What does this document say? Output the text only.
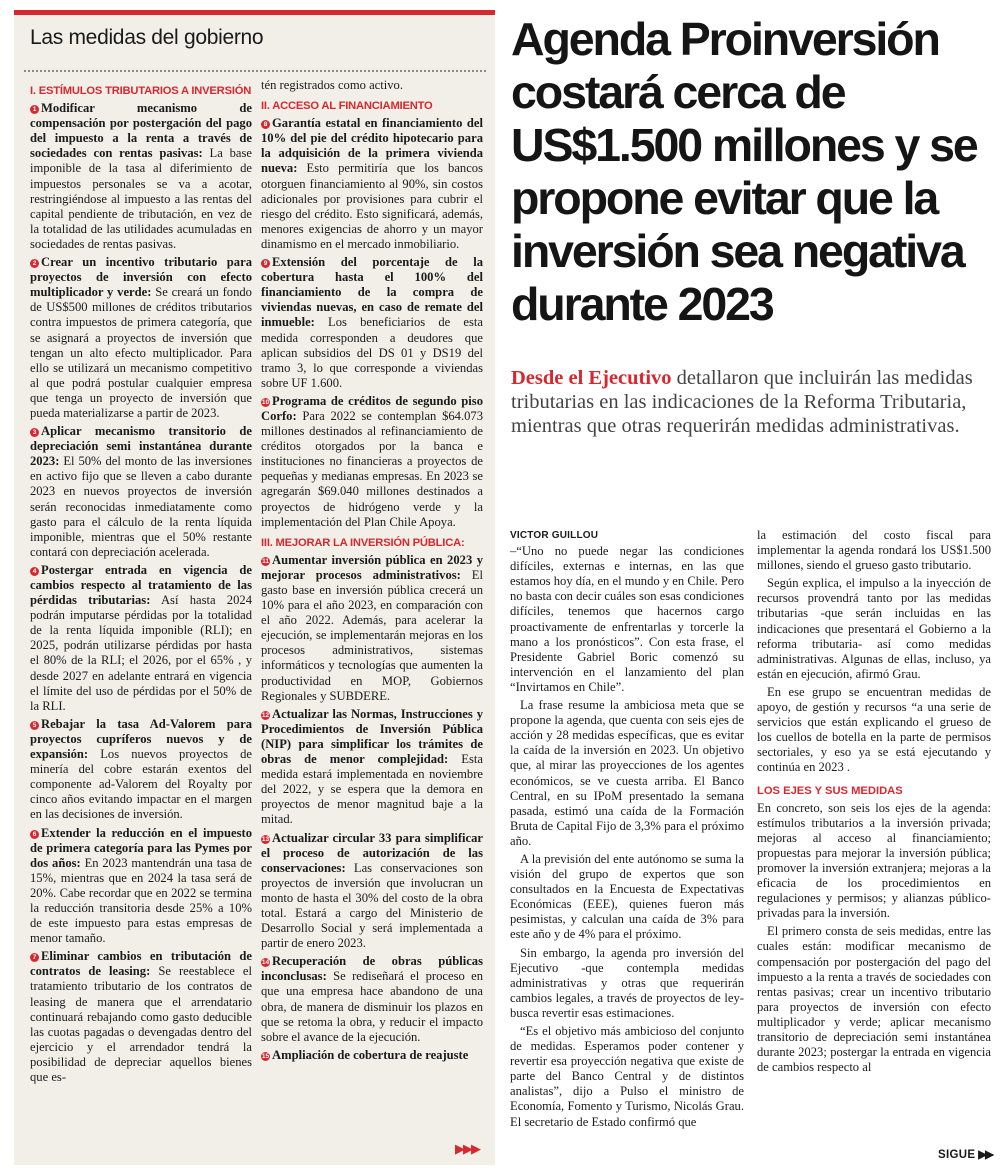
Las medidas del gobierno
I. ESTÍMULOS TRIBUTARIOS A INVERSIÓN
1 Modificar mecanismo de compensación por postergación del pago del impuesto a la renta a través de sociedades con rentas pasivas: La base imponible de la tasa al diferimiento de impuestos personales se va a acotar, restringiéndose al impuesto a las rentas del capital pendiente de tributación, en vez de la totalidad de las utilidades acumuladas en sociedades de rentas pasivas.
2 Crear un incentivo tributario para proyectos de inversión con efecto multiplicador y verde: Se creará un fondo de US$500 millones de créditos tributarios contra impuestos de primera categoría, que se asignará a proyectos de inversión que tengan un alto efecto multiplicador. Para ello se utilizará un mecanismo competitivo al que podrá postular cualquier empresa que tenga un proyecto de inversión que pueda materializarse a partir de 2023.
3 Aplicar mecanismo transitorio de depreciación semi instantánea durante 2023: El 50% del monto de las inversiones en activo fijo que se lleven a cabo durante 2023 en nuevos proyectos de inversión serán reconocidas inmediatamente como gasto para el cálculo de la renta líquida imponible, mientras que el 50% restante contará con depreciación acelerada.
4 Postergar entrada en vigencia de cambios respecto al tratamiento de las pérdidas tributarias: Así hasta 2024 podrán imputarse pérdidas por la totalidad de la renta líquida imponible (RLI); en 2025, podrán utilizarse pérdidas por hasta el 80% de la RLI; el 2026, por el 65% , y desde 2027 en adelante entrará en vigencia el límite del uso de pérdidas por el 50% de la RLI.
5 Rebajar la tasa Ad-Valorem para proyectos cupríferos nuevos y de expansión: Los nuevos proyectos de minería del cobre estarán exentos del componente ad-Valorem del Royalty por cinco años evitando impactar en el margen en las decisiones de inversión.
6 Extender la reducción en el impuesto de primera categoría para las Pymes por dos años: En 2023 mantendrán una tasa de 15%, mientras que en 2024 la tasa será de 20%. Cabe recordar que en 2022 se termina la reducción transitoria desde 25% a 10% de este impuesto para estas empresas de menor tamaño.
7 Eliminar cambios en tributación de contratos de leasing: Se reestablece el tratamiento tributario de los contratos de leasing de manera que el arrendatario continuará rebajando como gasto deducible las cuotas pagadas o devengadas dentro del ejercicio y el arrendador tendrá la posibilidad de depreciar aquellos bienes que es-
tén registrados como activo.
II. ACCESO AL FINANCIAMIENTO
8 Garantía estatal en financiamiento del 10% del pie del crédito hipotecario para la adquisición de la primera vivienda nueva: Esto permitiría que los bancos otorguen financiamiento al 90%, sin costos adicionales por provisiones para cubrir el riesgo del crédito. Esto significará, además, menores exigencias de ahorro y un mayor dinamismo en el mercado inmobiliario.
9 Extensión del porcentaje de la cobertura hasta el 100% del financiamiento de la compra de viviendas nuevas, en caso de remate del inmueble: Los beneficiarios de esta medida corresponden a deudores que aplican subsidios del DS 01 y DS19 del tramo 3, lo que corresponde a viviendas sobre UF 1.600.
10 Programa de créditos de segundo piso Corfo: Para 2022 se contemplan $64.073 millones destinados al refinanciamiento de créditos otorgados por la banca e instituciones no financieras a proyectos de pequeñas y medianas empresas. En 2023 se agregarán $69.040 millones destinados a proyectos de hidrógeno verde y la implementación del Plan Chile Apoya.
III. MEJORAR LA INVERSIÓN PÚBLICA:
11 Aumentar inversión pública en 2023 y mejorar procesos administrativos: El gasto base en inversión pública crecerá un 10% para el año 2023, en comparación con el año 2022. Además, para acelerar la ejecución, se implementarán mejoras en los procesos administrativos, sistemas informáticos y tecnologías que aumenten la productividad en MOP, Gobiernos Regionales y SUBDERE.
12 Actualizar las Normas, Instrucciones y Procedimientos de Inversión Pública (NIP) para simplificar los trámites de obras de menor complejidad: Esta medida estará implementada en noviembre del 2022, y se espera que la demora en proyectos de menor magnitud baje a la mitad.
13 Actualizar circular 33 para simplificar el proceso de autorización de las conservaciones: Las conservaciones son proyectos de inversión que involucran un monto de hasta el 30% del costo de la obra total. Estará a cargo del Ministerio de Desarrollo Social y será implementada a partir de enero 2023.
14 Recuperación de obras públicas inconclusas: Se rediseñará el proceso en que una empresa hace abandono de una obra, de manera de disminuir los plazos en que se retoma la obra, y reducir el impacto sobre el avance de la ejecución.
15 Ampliación de cobertura de reajuste
▶▶▶
Agenda Proinversión costará cerca de US$1.500 millones y se propone evitar que la inversión sea negativa durante 2023
Desde el Ejecutivo detallaron que incluirán las medidas tributarias en las indicaciones de la Reforma Tributaria, mientras que otras requerirán medidas administrativas.
VICTOR GUILLOU

–“Uno no puede negar las condiciones difíciles, externas e internas, en las que estamos hoy día, en el mundo y en Chile. Pero no basta con decir cuáles son esas condiciones difíciles, tenemos que hacernos cargo proactivamente de enfrentarlas y torcerle la mano a los pronósticos”. Con esta frase, el Presidente Gabriel Boric comenzó su intervención en el lanzamiento del plan “Invirtamos en Chile”.

La frase resume la ambiciosa meta que se propone la agenda, que cuenta con seis ejes de acción y 28 medidas específicas, que es evitar la caída de la inversión en 2023. Un objetivo que, al mirar las proyecciones de los agentes económicos, se ve cuesta arriba. El Banco Central, en su IPoM presentado la semana pasada, estimó una caída de la Formación Bruta de Capital Fijo de 3,3% para el próximo año.

A la previsión del ente autónomo se suma la visión del grupo de expertos que son consultados en la Encuesta de Expectativas Económicas (EEE), quienes fueron más pesimistas, y calculan una caída de 3% para este año y de 4% para el próximo.

Sin embargo, la agenda pro inversión del Ejecutivo -que contempla medidas administrativas y otras que requerirán cambios legales, a través de proyectos de ley- busca revertir esas estimaciones.

“Es el objetivo más ambicioso del conjunto de medidas. Esperamos poder contener y revertir esa proyección negativa que existe de parte del Banco Central y de distintos analistas”, dijo a Pulso el ministro de Economía, Fomento y Turismo, Nicolás Grau. El secretario de Estado confirmó que

la estimación del costo fiscal para implementar la agenda rondará los US$1.500 millones, siendo el grueso gasto tributario.

Según explica, el impulso a la inyección de recursos provendrá tanto por las medidas tributarias -que serán incluidas en las indicaciones que presentará el Gobierno a la reforma tributaria- así como medidas administrativas. Algunas de ellas, incluso, ya están en ejecución, afirmó Grau.

En ese grupo se encuentran medidas de apoyo, de gestión y recursos “a una serie de servicios que están explicando el grueso de los cuellos de botella en la parte de permisos sectoriales, y eso ya se está ejecutando y continúa en 2023 .

LOS EJES Y SUS MEDIDAS

En concreto, son seis los ejes de la agenda: estímulos tributarios a la inversión privada; mejoras al acceso al financiamiento; propuestas para mejorar la inversión pública; promover la inversión extranjera; mejoras a la eficacia de los procedimientos en regulaciones y permisos; y alianzas público-privadas para la inversión.

El primero consta de seis medidas, entre las cuales están: modificar mecanismo de compensación por postergación del pago del impuesto a la renta a través de sociedades con rentas pasivas; crear un incentivo tributario para proyectos de inversión con efecto multiplicador y verde; aplicar mecanismo transitorio de depreciación semi instantánea durante 2023; postergar la entrada en vigencia de cambios respecto al

SIGUE ▶▶
